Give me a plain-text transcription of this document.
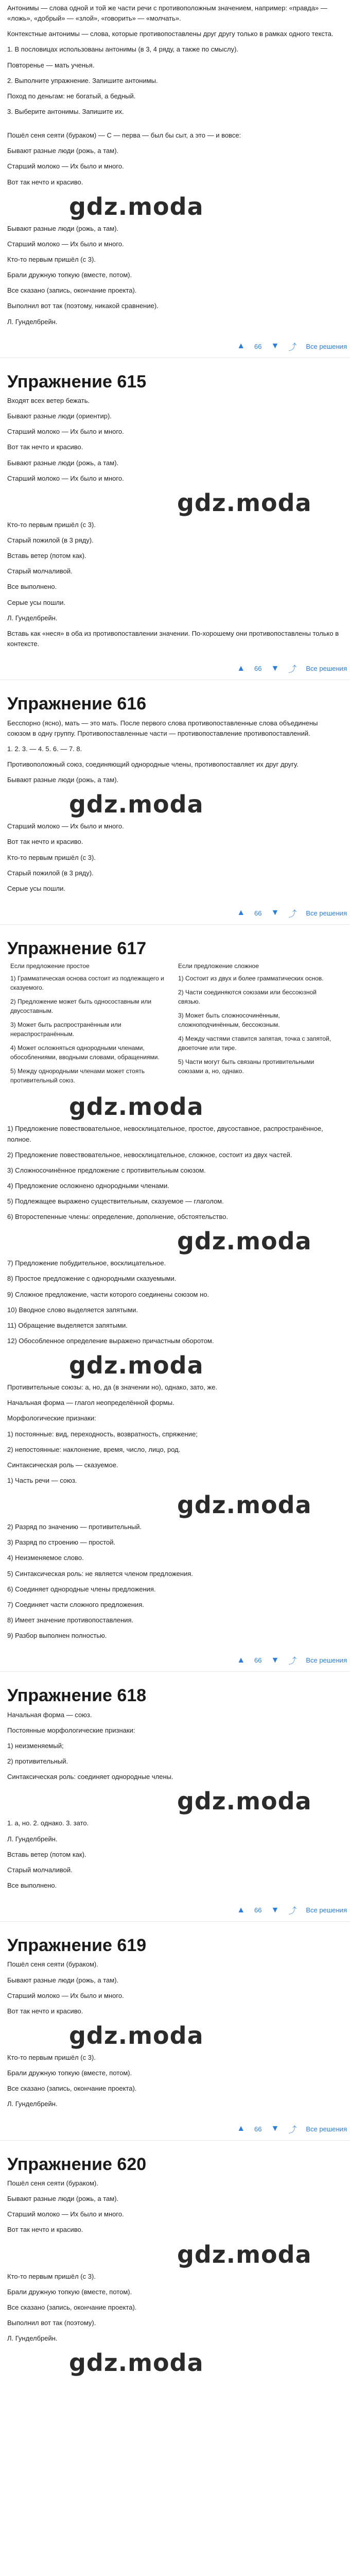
Антонимы — слова одной и той же части речи с противоположным значением, например: «правда» — «ложь», «добрый» — «злой», «говорить» — «молчать».

Контекстные антонимы — слова, которые противопоставлены друг другу только в рамках одного текста.

1. В пословицах использованы антонимы (в 3, 4 ряду, а также по смыслу).

Повторенье — мать ученья.

2. Выполните упражнение. Запишите антонимы.

Поход по деньгам: не богатый, а бедный.

3. Выберите антонимы. Запишите их.

Пошёл сеня сеяти (бураком) — С — перва — был бы сыт, а это — и вовсе:

Бывают разные люди (рожь, а там).

Старший молоко — Их было и много.

Вот так нечто и красиво.

gdz.moda

Бывают разные люди (рожь, а там).

Старший молоко — Их было и много.

Кто-то первым пришёл (с 3).

Брали дружную топкую (вместе, потом).

Все сказано (запись, окончание проекта).

Выполнил вот так (поэтому, никакой сравнение).

Л. Гунделбрейн.

▲ 66 ▼ ⤴ Все решения
Упражнение 615

Входят всех ветер бежать.

Бывают разные люди (ориентир).

Старший молоко — Их было и много.

Вот так нечто и красиво.

Бывают разные люди (рожь, а там).

Старший молоко — Их было и много.

gdz.moda

Кто-то первым пришёл (с 3).

Старый пожилой (в 3 ряду).

Вставь ветер (потом как).

Старый молчаливой.

Все выполнено.

Серые усы пошли.

Л. Гунделбрейн.

Вставь как «неся» в оба из противопоставлении значении. По-хорошему они противопоставлены только в контексте.

▲ 66 ▼ ⤴ Все решения
Упражнение 616

Бесспорно (ясно), мать — это мать. После первого слова противопоставленные слова объединены союзом в одну группу. Противопоставленные части — противопоставление противопоставлений.

1. 2. 3. — 4. 5. 6. — 7. 8.

Противоположный союз, соединяющий однородные члены, противопоставляет их друг другу.

Бывают разные люди (рожь, а там).

gdz.moda

Старший молоко — Их было и много.

Вот так нечто и красиво.

Кто-то первым пришёл (с 3).

Старый пожилой (в 3 ряду).

Серые усы пошли.

▲ 66 ▼ ⤴ Все решения
Упражнение 617
Если предложение простое

1) Грамматическая основа состоит из подлежащего и сказуемого.

2) Предложение может быть односоставным или двусоставным.

3) Может быть распространённым или нераспространённым.

4) Может осложняться однородными членами, обособлениями, вводными словами, обращениями.

5) Между однородными членами может стоять противительный союз.

Если предложение сложное

1) Состоит из двух и более грамматических основ.

2) Части соединяются союзами или бессоюзной связью.

3) Может быть сложносочинённым, сложноподчинённым, бессоюзным.

4) Между частями ставится запятая, точка с запятой, двоеточие или тире.

5) Части могут быть связаны противительными союзами а, но, однако.

gdz.moda

1) Предложение повествовательное, невосклицательное, простое, двусоставное, распространённое, полное.

2) Предложение повествовательное, невосклицательное, сложное, состоит из двух частей.

3) Сложносочинённое предложение с противительным союзом.

4) Предложение осложнено однородными членами.

5) Подлежащее выражено существительным, сказуемое — глаголом.

6) Второстепенные члены: определение, дополнение, обстоятельство.

gdz.moda

7) Предложение побудительное, восклицательное.

8) Простое предложение с однородными сказуемыми.

9) Сложное предложение, части которого соединены союзом но.

10) Вводное слово выделяется запятыми.

11) Обращение выделяется запятыми.

12) Обособленное определение выражено причастным оборотом.

gdz.moda

Противительные союзы: а, но, да (в значении но), однако, зато, же.

Начальная форма — глагол неопределённой формы.

Морфологические признаки:

1) постоянные: вид, переходность, возвратность, спряжение;

2) непостоянные: наклонение, время, число, лицо, род.

Синтаксическая роль — сказуемое.

1) Часть речи — союз.

gdz.moda

2) Разряд по значению — противительный.

3) Разряд по строению — простой.

4) Неизменяемое слово.

5) Синтаксическая роль: не является членом предложения.

6) Соединяет однородные члены предложения.

7) Соединяет части сложного предложения.

8) Имеет значение противопоставления.

9) Разбор выполнен полностью.

▲ 66 ▼ ⤴ Все решения
Упражнение 618

Начальная форма — союз.

Постоянные морфологические признаки:

1) неизменяемый;

2) противительный.

Синтаксическая роль: соединяет однородные члены.

gdz.moda

1. а, но. 2. однако. 3. зато.

Л. Гунделбрейн.

Вставь ветер (потом как).

Старый молчаливой.

Все выполнено.

▲ 66 ▼ ⤴ Все решения
Упражнение 619

Пошёл сеня сеяти (бураком).

Бывают разные люди (рожь, а там).

Старший молоко — Их было и много.

Вот так нечто и красиво.

gdz.moda

Кто-то первым пришёл (с 3).

Брали дружную топкую (вместе, потом).

Все сказано (запись, окончание проекта).

Л. Гунделбрейн.

▲ 66 ▼ ⤴ Все решения
Упражнение 620

Пошёл сеня сеяти (бураком).

Бывают разные люди (рожь, а там).

Старший молоко — Их было и много.

Вот так нечто и красиво.

gdz.moda

Кто-то первым пришёл (с 3).

Брали дружную топкую (вместе, потом).

Все сказано (запись, окончание проекта).

Выполнил вот так (поэтому).

Л. Гунделбрейн.

gdz.moda
